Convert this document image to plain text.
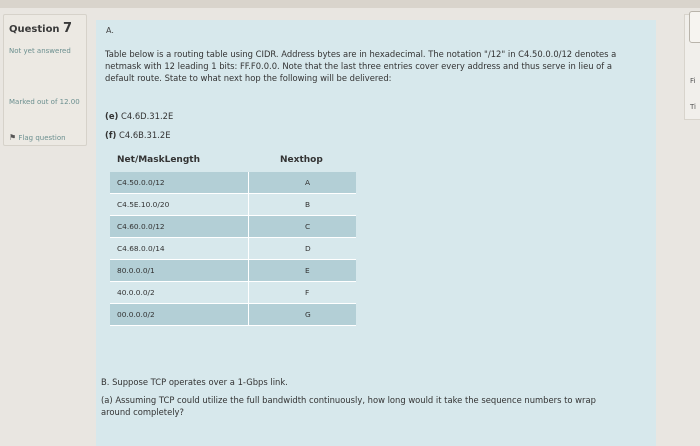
Question 7
Not yet answered
Marked out of 12.00
⚑ Flag question
A.
Table below is a routing table using CIDR. Address bytes are in hexadecimal. The notation "/12" in C4.50.0.0/12 denotes a netmask with 12 leading 1 bits: FF.F0.0.0. Note that the last three entries cover every address and thus serve in lieu of a default route. State to what next hop the following will be delivered:
(e) C4.6D.31.2E
(f) C4.6B.31.2E
Net/MaskLength	Nexthop
C4.50.0.0/12	A
C4.5E.10.0/20	B
C4.60.0.0/12	C
C4.68.0.0/14	D
80.0.0.0/1	E
40.0.0.0/2	F
00.0.0.0/2	G
B. Suppose TCP operates over a 1-Gbps link.
(a) Assuming TCP could utilize the full bandwidth continuously, how long would it take the sequence numbers to wrap around completely?
Fi
Ti
